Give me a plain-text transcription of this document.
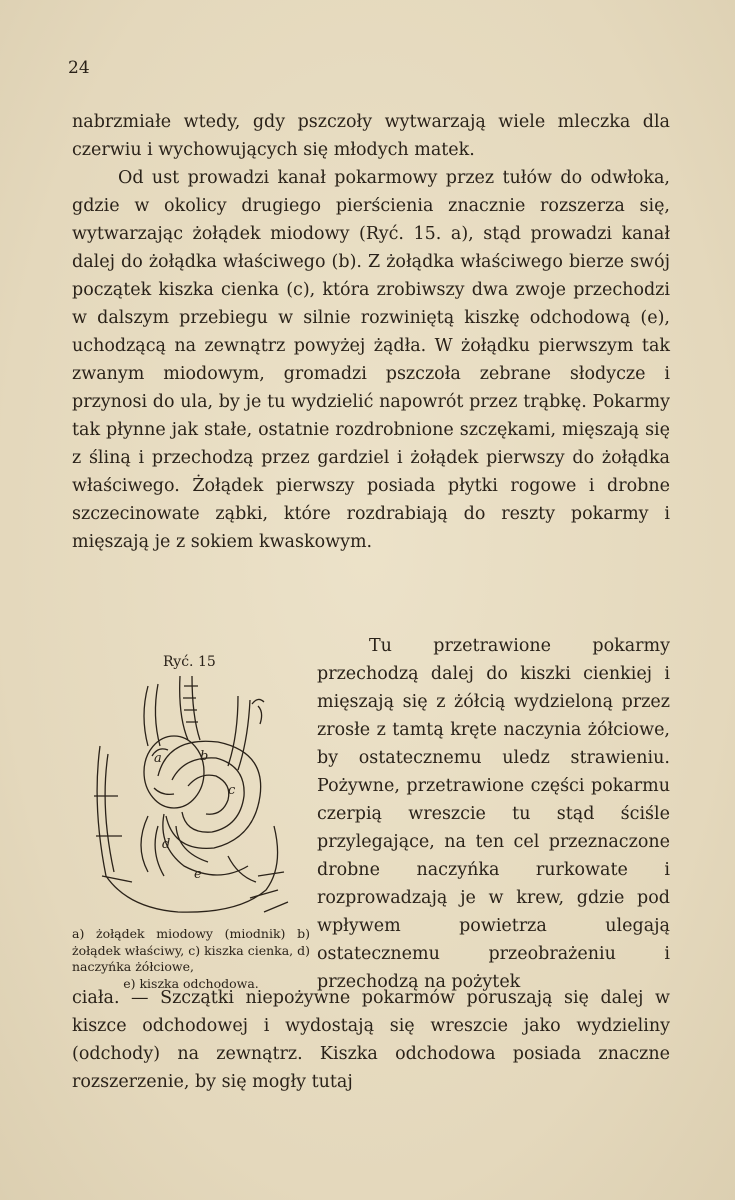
24

nabrzmiałe wtedy, gdy pszczoły wytwarzają wiele mleczka dla czerwiu i wychowujących się młodych matek.

Od ust prowadzi kanał pokarmowy przez tułów do odwłoka, gdzie w okolicy drugiego pierścienia znacznie rozszerza się, wytwarzając żołądek miodowy (Ryć. 15. a), stąd prowadzi kanał dalej do żołądka właściwego (b). Z żołądka właściwego bierze swój początek kiszka cienka (c), która zrobiwszy dwa zwoje przechodzi w dalszym przebiegu w silnie rozwiniętą kiszkę odchodową (e), uchodzącą na zewnątrz powyżej żądła. W żołądku pierwszym tak zwanym miodowym, gromadzi pszczoła zebrane słodycze i przynosi do ula, by je tu wydzielić napowrót przez trąbkę. Pokarmy tak płynne jak stałe, ostatnie rozdrobnione szczękami, mięszają się z śliną i przechodzą przez gardziel i żołądek pierwszy do żołądka właściwego. Żołądek pierwszy posiada płytki rogowe i drobne szczecinowate ząbki, które rozdrabiają do reszty pokarmy i mięszają je z sokiem kwaskowym.

Ryć. 15
a	b
c
d
e

a) żołądek miodowy (miodnik) b) żołądek właściwy, c) kiszka cienka, d) naczyńka żółciowe,

e) kiszka odchodowa.

Tu przetrawione pokarmy przechodzą dalej do kiszki cienkiej i mięszają się z żółcią wydzieloną przez zrosłe z tamtą kręte naczynia żółciowe, by ostatecznemu uledz strawieniu. Pożywne, przetrawione części pokarmu czerpią wreszcie tu stąd ściśle przylegające, na ten cel przeznaczone drobne naczyńka rurkowate i rozprowadzają je w krew, gdzie pod wpływem powietrza ulegają ostatecznemu przeobrażeniu i przechodzą na pożytek

ciała. — Szczątki niepożywne pokarmów poruszają się dalej w kiszce odchodowej i wydostają się wreszcie jako wydzieliny (odchody) na zewnątrz. Kiszka odchodowa posiada znaczne rozszerzenie, by się mogły tutaj
